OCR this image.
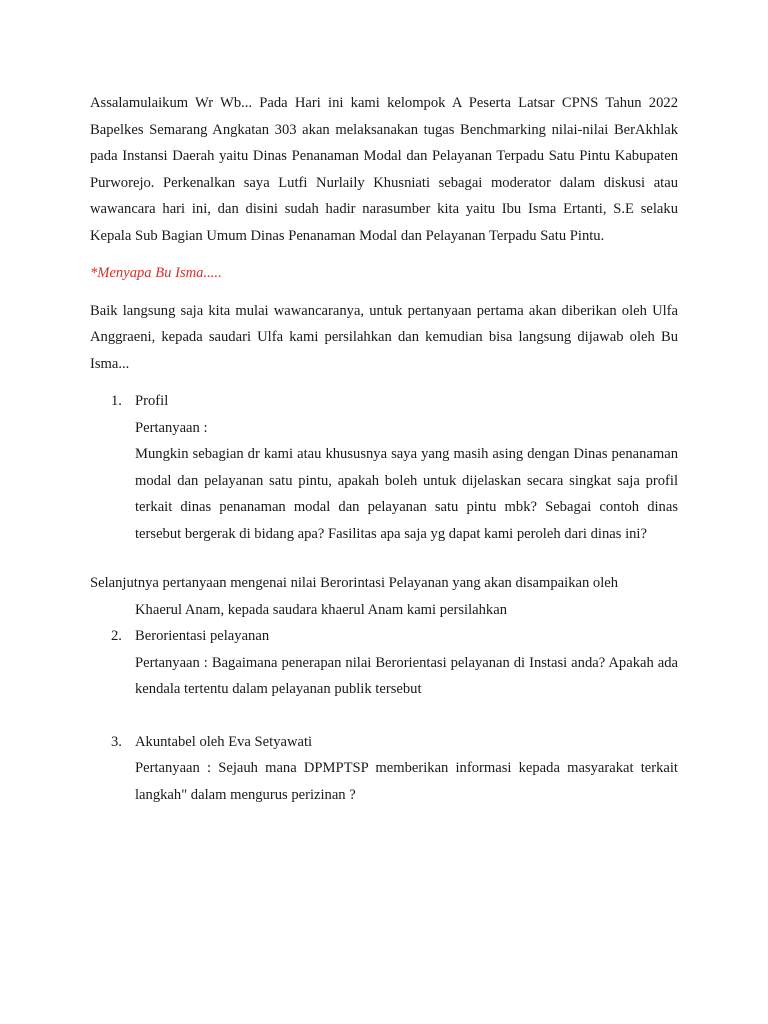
Assalamulaikum Wr Wb... Pada Hari ini kami kelompok A Peserta Latsar CPNS Tahun 2022 Bapelkes Semarang Angkatan 303 akan melaksanakan tugas Benchmarking nilai-nilai BerAkhlak pada Instansi Daerah yaitu Dinas Penanaman Modal dan Pelayanan Terpadu Satu Pintu Kabupaten Purworejo. Perkenalkan saya Lutfi Nurlaily Khusniati sebagai moderator dalam diskusi atau wawancara hari ini, dan disini sudah hadir narasumber kita yaitu Ibu Isma Ertanti, S.E selaku Kepala Sub Bagian Umum Dinas Penanaman Modal dan Pelayanan Terpadu Satu Pintu.

*Menyapa Bu Isma.....

Baik langsung saja kita mulai wawancaranya, untuk pertanyaan pertama akan diberikan oleh Ulfa Anggraeni, kepada saudari Ulfa kami persilahkan dan kemudian bisa langsung dijawab oleh Bu Isma...

1. Profil
Pertanyaan :
Mungkin sebagian dr kami atau khususnya saya yang masih asing dengan Dinas penanaman modal dan pelayanan satu pintu, apakah boleh untuk dijelaskan secara singkat saja profil terkait dinas penanaman modal dan pelayanan satu pintu mbk? Sebagai contoh dinas tersebut bergerak di bidang apa? Fasilitas apa saja yg dapat kami peroleh dari dinas ini?

Selanjutnya pertanyaan mengenai nilai Berorintasi Pelayanan yang akan disampaikan oleh
Khaerul Anam, kepada saudara khaerul Anam kami persilahkan

2. Berorientasi pelayanan
Pertanyaan : Bagaimana penerapan nilai Berorientasi pelayanan di Instasi anda? Apakah ada kendala tertentu dalam pelayanan publik tersebut
3. Akuntabel oleh Eva Setyawati
Pertanyaan : Sejauh mana DPMPTSP memberikan informasi kepada masyarakat terkait langkah" dalam mengurus perizinan ?
